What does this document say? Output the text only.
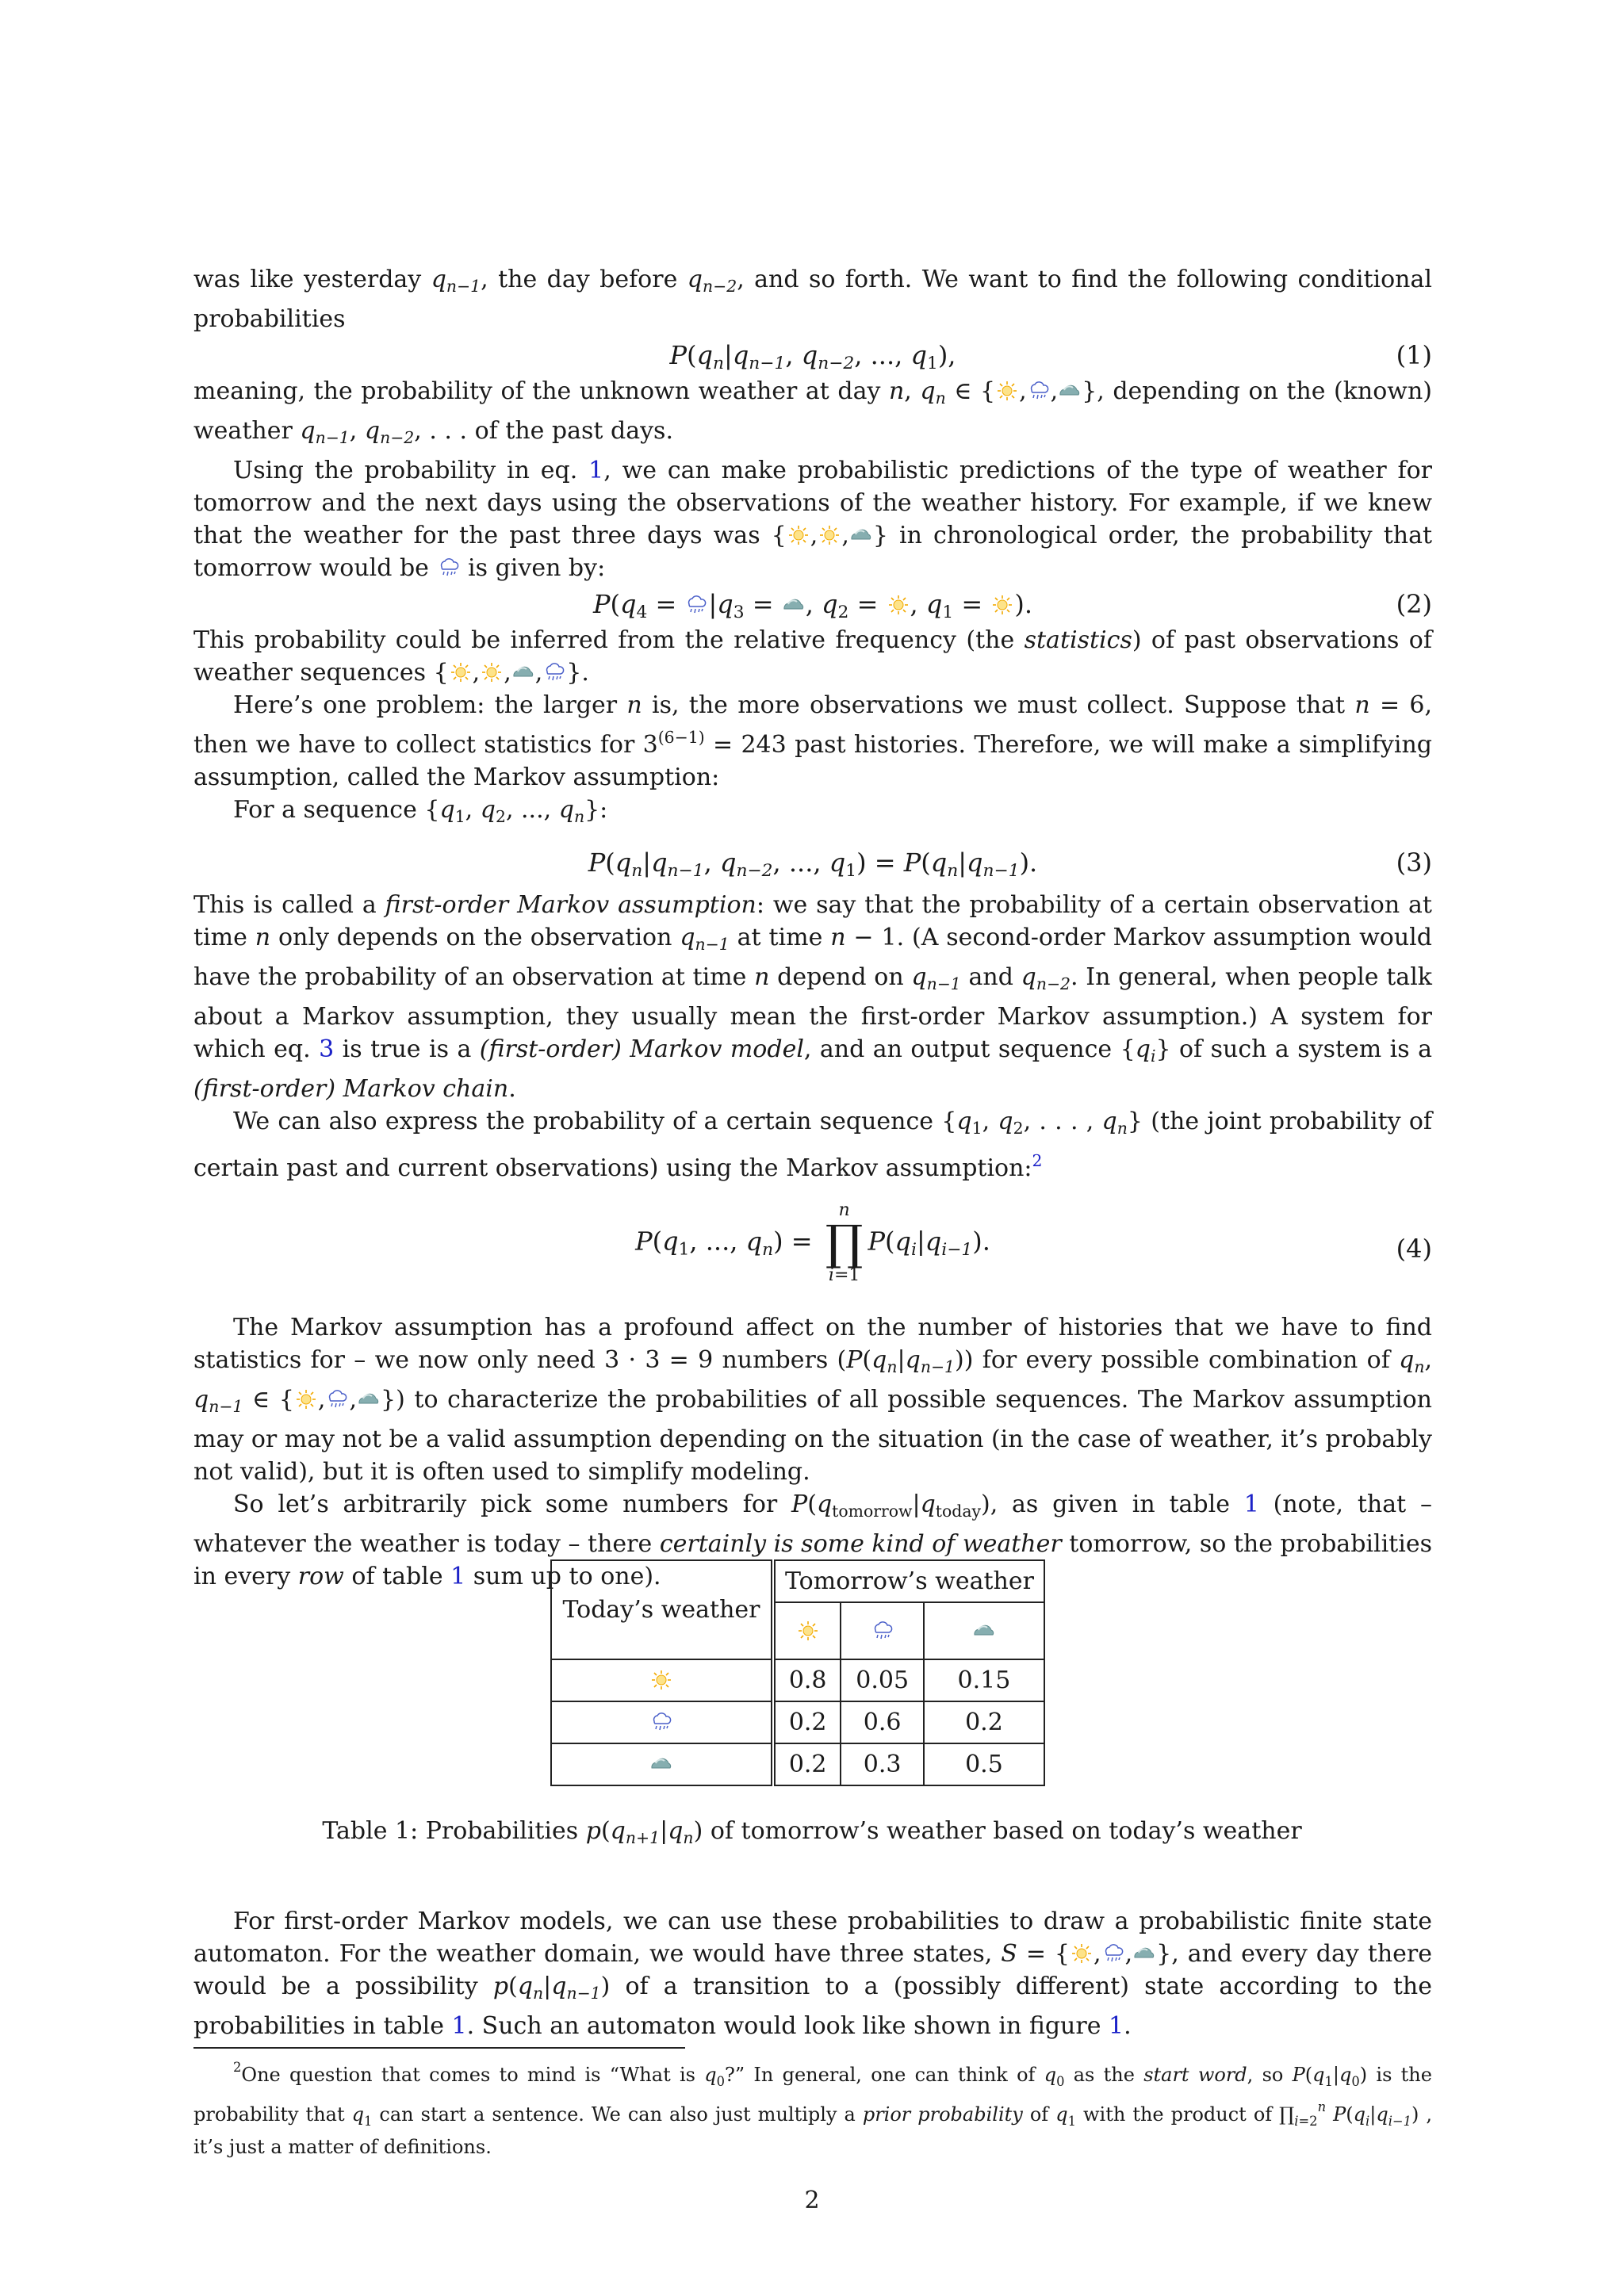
was like yesterday $q_{n-1}$, the day before $q_{n-2}$, and so forth. We want to find the following conditional probabilities

$P(q_n|q_{n-1}$, $q_{n-2}$, ..., $q_1$),	(1)

meaning, the probability of the unknown weather at day n, $q_n$ ∈ { , , }, depending on the (known) weather $q_{n-1}$, $q_{n-2}$, . . . of the past days.

Using the probability in eq. 1, we can make probabilistic predictions of the type of weather for tomorrow and the next days using the observations of the weather history. For example, if we knew that the weather for the past three days was { , , } in chronological order, the probability that tomorrow would be is given by:

$P(q_4 = |q_3$ = , $q_2$ = , $q_1$ = ).	(2)

This probability could be inferred from the relative frequency (the statistics) of past observations of weather sequences { , , , }.

Here’s one problem: the larger n is, the more observations we must collect. Suppose that n = 6, then we have to collect statistics for $3^{(6-1)} = 243$ past histories. Therefore, we will make a simplifying assumption, called the Markov assumption:

For a sequence {$q_1$, $q_2$, ..., $q_n$}:

$P(q_n|q_{n-1}$, $q_{n-2}$, ..., $q_1) = P(q_n|q_{n-1})$.	(3)

This is called a first-order Markov assumption: we say that the probability of a certain observation at time n only depends on the observation $q_{n-1}$ at time n − 1. (A second-order Markov assumption would have the probability of an observation at time n depend on $q_{n-1}$ and $q_{n-2}$. In general, when people talk about a Markov assumption, they usually mean the first-order Markov assumption.) A system for which eq. 3 is true is a (first-order) Markov model, and an output sequence $\{q_i\}$ of such a system is a (first-order) Markov chain.

We can also express the probability of a certain sequence {$q_1$, $q_2$, . . . , $q_n$} (the joint probability of certain past and current observations) using the Markov assumption:$^2$

$P(q_1$, ..., $q_n$) =
n
∏
i=1
$P(q_i|q_{i-1})$.	(4)

The Markov assumption has a profound affect on the number of histories that we have to find statistics for – we now only need 3 · 3 = 9 numbers $(P(q_n|q_{n-1}))$ for every possible combination of $q_n$, $q_{n-1}$ ∈ { , , }) to characterize the probabilities of all possible sequences. The Markov assumption may or may not be a valid assumption depending on the situation (in the case of weather, it’s probably not valid), but it is often used to simplify modeling.

So let’s arbitrarily pick some numbers for $P(q_{tomorrow}|q_{today})$, as given in table 1 (note, that – whatever the weather is today – there certainly is some kind of weather tomorrow, so the probabilities in every row of table 1 sum up to one).

Today’s weather	Tomorrow’s weather		

	0.8	0.05	0.15
	0.2	0.6	0.2
	0.2	0.3	0.5
Table 1: Probabilities $p(q_{n+1}|q_n)$ of tomorrow’s weather based on today’s weather

For first-order Markov models, we can use these probabilities to draw a probabilistic finite state automaton. For the weather domain, we would have three states, S = { , , }, and every day there would be a possibility $p(q_n|q_{n-1})$ of a transition to a (possibly different) state according to the probabilities in table 1. Such an automaton would look like shown in figure 1.

$^2$One question that comes to mind is “What is $q_0$?” In general, one can think of $q_0$ as the start word, so $P(q_1|q_0)$ is the probability that $q_1$ can start a sentence. We can also just multiply a prior probability of $q_1$ with the product of $\prod_{i=2}^n$ $P(q_i|q_{i-1})$ , it’s just a matter of definitions.

2
